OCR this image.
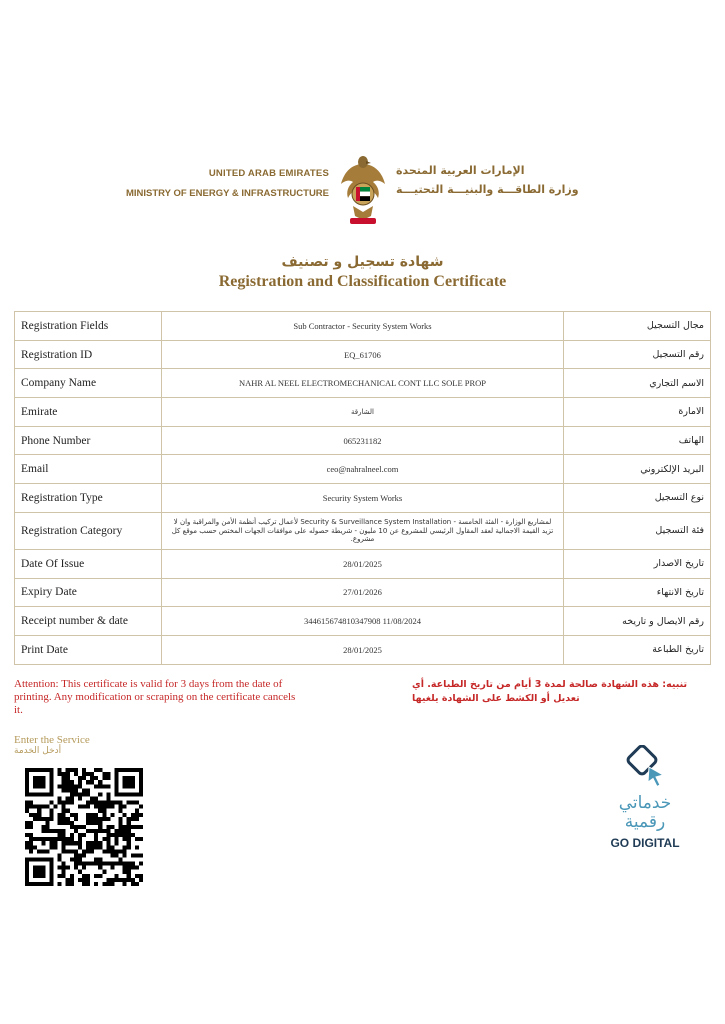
UNITED ARAB EMIRATES
MINISTRY OF ENERGY & INFRASTRUCTURE
الإمارات العربية المتحدة
وزارة الطاقـــة والبنيـــة التحتيـــة
شهادة تسجيل و تصنيف
Registration and Classification Certificate
Registration Fields	Sub Contractor - Security System Works	مجال التسجيل
Registration ID	EQ_61706	رقم التسجيل
Company Name	NAHR AL NEEL ELECTROMECHANICAL CONT LLC SOLE PROP	الاسم التجاري
Emirate	الشارقة	الامارة
Phone Number	065231182	الهاتف
Email	ceo@nahralneel.com	البريد الإلكتروني
Registration Type	Security System Works	نوع التسجيل
Registration Category	لمشاريع الوزارة - الفئة الخامسة - Security & Surveillance System Installation لأعمال تركيب أنظمة الأمن والمراقبة وان لا تزيد القيمة الاجمالية لعقد المقاول الرئيسي للمشروع عن 10 مليون - شريطة حصوله على موافقات الجهات المختص حسب موقع كل مشروع.	فئة التسجيل
Date Of Issue	28/01/2025	تاريخ الاصدار
Expiry Date	27/01/2026	تاريخ الانتهاء
Receipt number & date	344615674810347908 11/08/2024	رقم الايصال و تاريخه
Print Date	28/01/2025	تاريخ الطباعة
Attention: This certificate is valid for 3 days from the date of printing. Any modification or scraping on the certificate cancels it.
تنبيه: هذه الشهادة صالحة لمدة 3 أيام من تاريخ الطباعة. أي تعديل أو الكشط على الشهادة يلغيها
Enter the Service
أدخل الخدمة
خدماتي
رقمية
GO DIGITAL
